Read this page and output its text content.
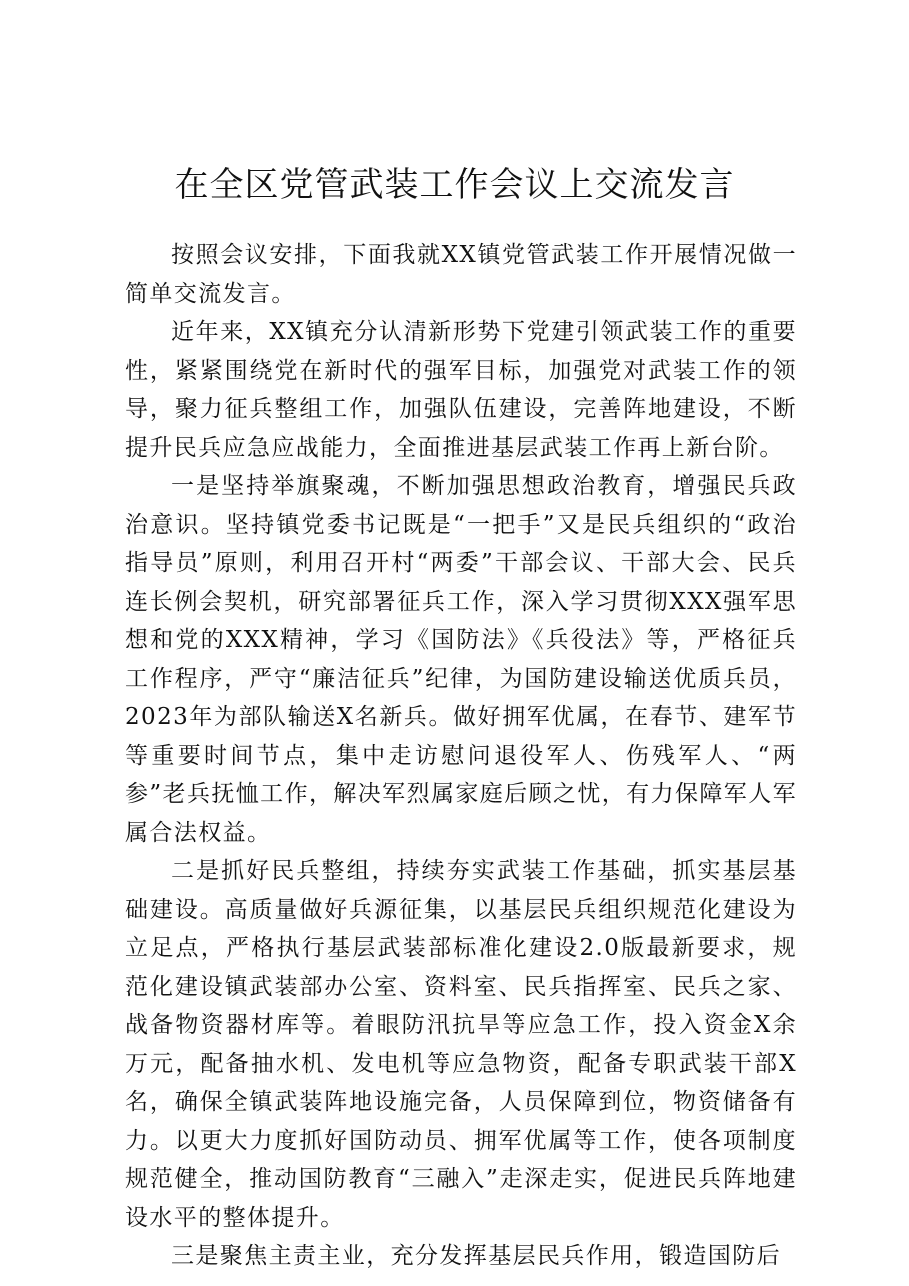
在全区党管武装工作会议上交流发言

按照会议安排，下面我就XX镇党管武装工作开展情况做一简单交流发言。

近年来，XX镇充分认清新形势下党建引领武装工作的重要性，紧紧围绕党在新时代的强军目标，加强党对武装工作的领导，聚力征兵整组工作，加强队伍建设，完善阵地建设，不断提升民兵应急应战能力，全面推进基层武装工作再上新台阶。

一是坚持举旗聚魂，不断加强思想政治教育，增强民兵政治意识。坚持镇党委书记既是“一把手”又是民兵组织的“政治指导员”原则，利用召开村“两委”干部会议、干部大会、民兵连长例会契机，研究部署征兵工作，深入学习贯彻XXX强军思想和党的XXX精神，学习《国防法》《兵役法》等，严格征兵工作程序，严守“廉洁征兵”纪律，为国防建设输送优质兵员，2023年为部队输送X名新兵。做好拥军优属，在春节、建军节等重要时间节点，集中走访慰问退役军人、伤残军人、“两参”老兵抚恤工作，解决军烈属家庭后顾之忧，有力保障军人军属合法权益。

二是抓好民兵整组，持续夯实武装工作基础，抓实基层基础建设。高质量做好兵源征集，以基层民兵组织规范化建设为立足点，严格执行基层武装部标准化建设2.0版最新要求，规范化建设镇武装部办公室、资料室、民兵指挥室、民兵之家、战备物资器材库等。着眼防汛抗旱等应急工作，投入资金X余万元，配备抽水机、发电机等应急物资，配备专职武装干部X名，确保全镇武装阵地设施完备，人员保障到位，物资储备有力。以更大力度抓好国防动员、拥军优属等工作，使各项制度规范健全，推动国防教育“三融入”走深走实，促进民兵阵地建设水平的整体提升。

三是聚焦主责主业，充分发挥基层民兵作用，锻造国防后
